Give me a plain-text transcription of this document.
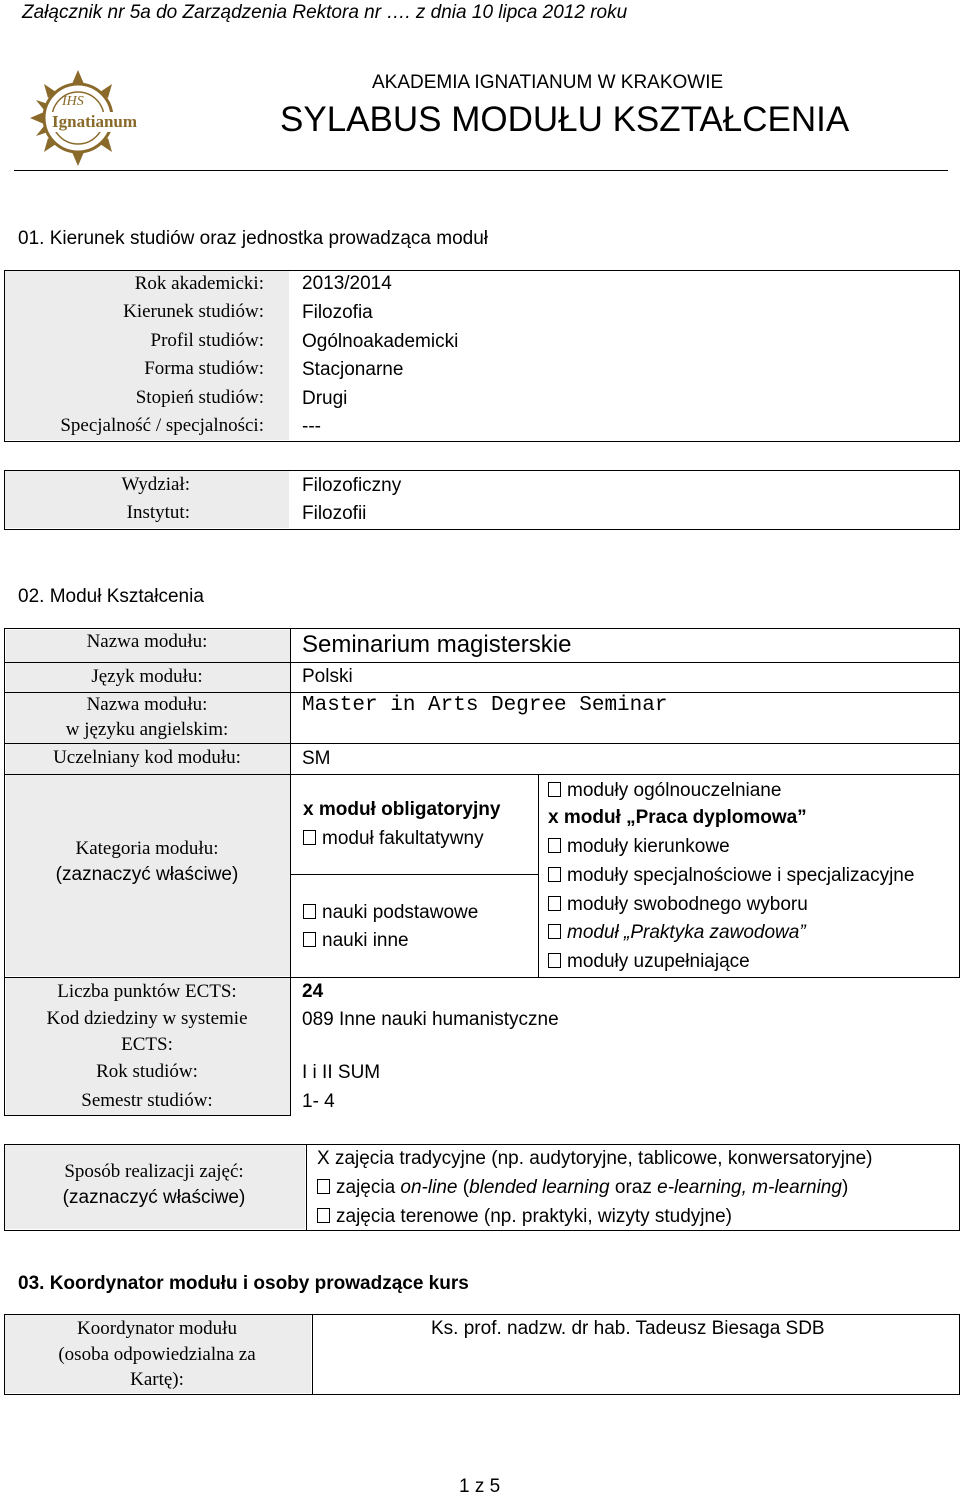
Załącznik nr 5a do Zarządzenia Rektora nr …. z dnia 10 lipca 2012 roku
IHS
Ignatianum
AKADEMIA IGNATIANUM W KRAKOWIE
SYLABUS MODUŁU KSZTAŁCENIA
01. Kierunek studiów oraz jednostka prowadząca moduł
Rok akademicki: 2013/2014
Kierunek studiów: Filozofia
Profil studiów: Ogólnoakademicki
Forma studiów: Stacjonarne
Stopień studiów: Drugi
Specjalność / specjalności: ---
Wydział:	Filozoficzny
Instytut:	Filozofii
02. Moduł Kształcenia
Nazwa modułu:	Seminarium magisterskie
Język modułu:	Polski
Nazwa modułu:
w języku angielskim:
Master in Arts Degree Seminar
Uczelniany kod modułu:	SM
Kategoria modułu:
(zaznaczyć właściwe)
x moduł obligatoryjny
moduł fakultatywny
nauki podstawowe
nauki inne
moduły ogólnouczelniane
x moduł „Praca dyplomowa”
moduły kierunkowe
moduły specjalnościowe i specjalizacyjne
moduły swobodnego wyboru
moduł „Praktyka zawodowa”
moduły uzupełniające
Liczba punktów ECTS:	24
Kod dziedziny w systemie
ECTS:
089 Inne nauki humanistyczne
Rok studiów:	I i II SUM
Semestr studiów:	1- 4
Sposób realizacji zajęć:
(zaznaczyć właściwe)
X zajęcia tradycyjne (np. audytoryjne, tablicowe, konwersatoryjne)
zajęcia on-line (blended learning oraz e-learning, m-learning)
zajęcia terenowe (np. praktyki, wizyty studyjne)
03. Koordynator modułu i osoby prowadzące kurs
Koordynator modułu
(osoba odpowiedzialna za
Kartę):
Ks. prof. nadzw. dr hab. Tadeusz Biesaga SDB
1 z 5
